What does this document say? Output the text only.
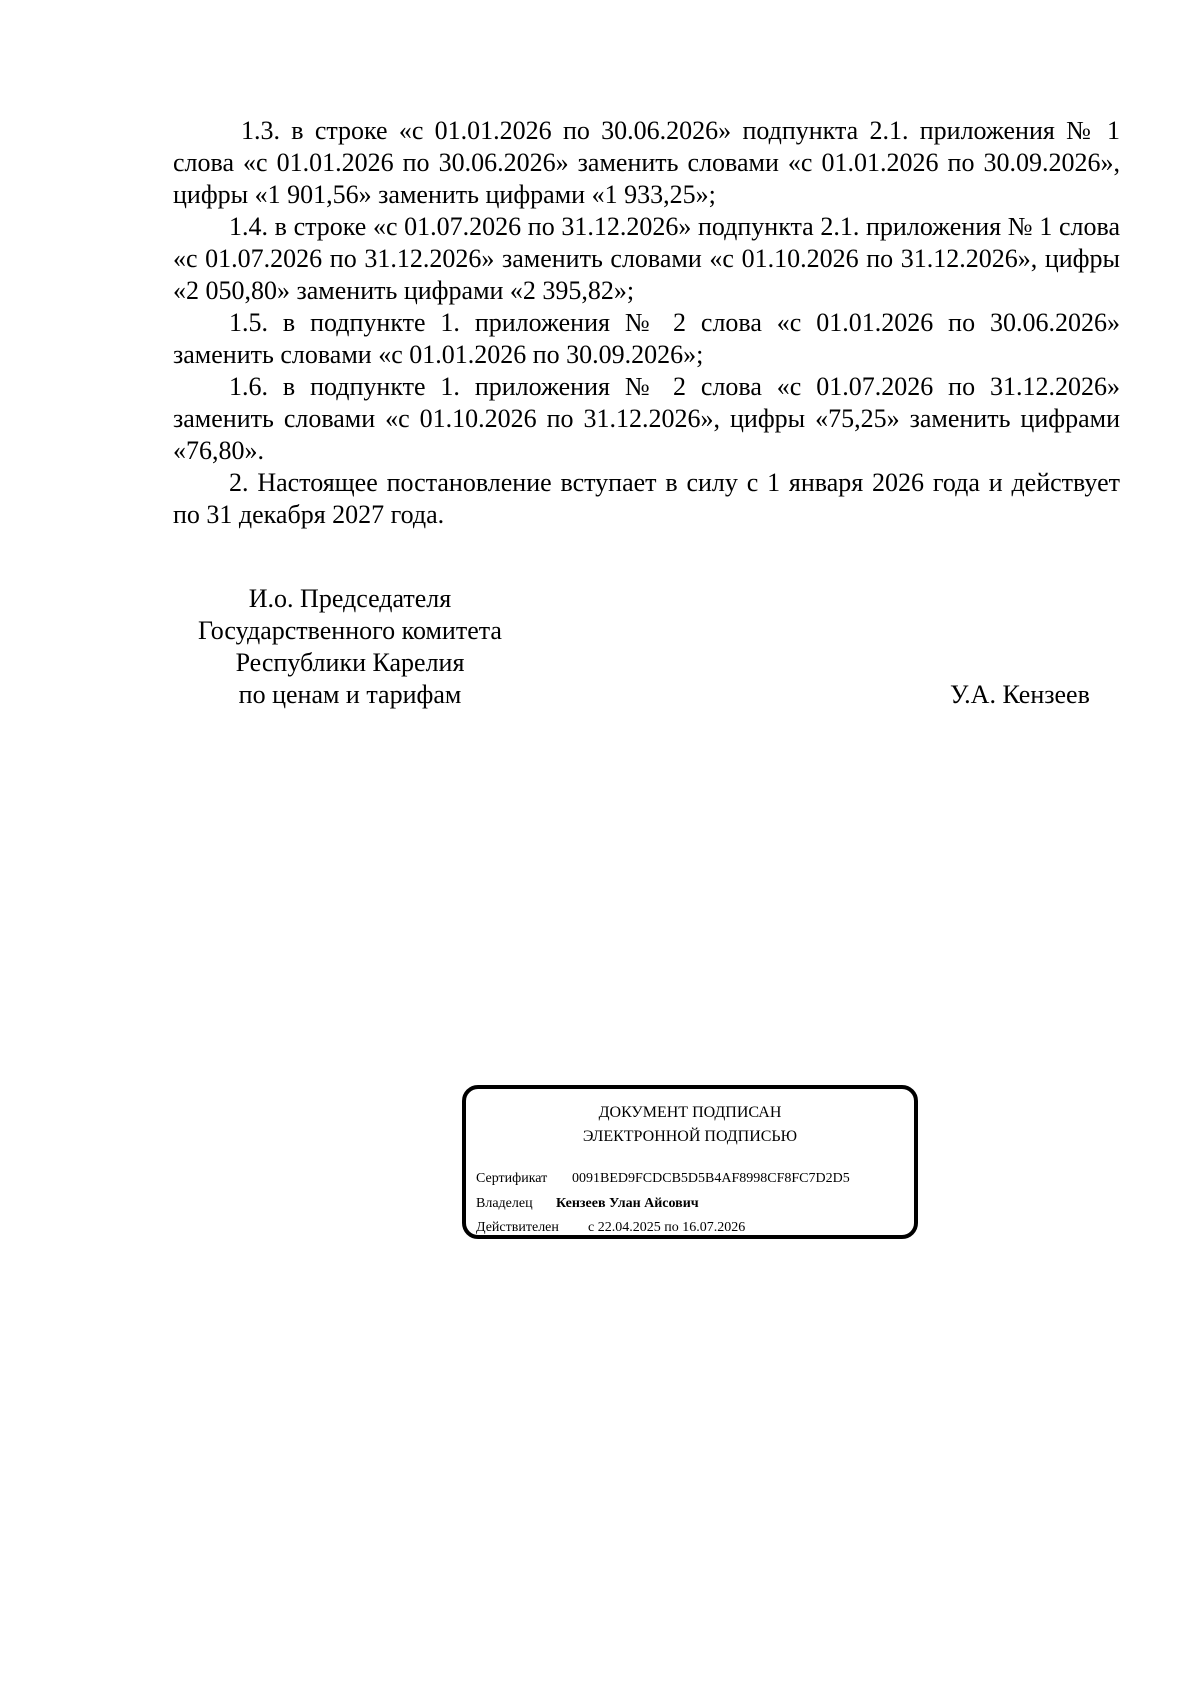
1.3. в строке «с 01.01.2026 по 30.06.2026» подпункта 2.1. приложения № 1 слова «с 01.01.2026 по 30.06.2026» заменить словами «с 01.01.2026 по 30.09.2026», цифры «1 901,56» заменить цифрами «1 933,25»;

1.4. в строке «с 01.07.2026 по 31.12.2026» подпункта 2.1. приложения № 1 слова «с 01.07.2026 по 31.12.2026» заменить словами «с 01.10.2026 по 31.12.2026», цифры «2 050,80» заменить цифрами «2 395,82»;

1.5. в подпункте 1. приложения № 2 слова «с 01.01.2026 по 30.06.2026» заменить словами «с 01.01.2026 по 30.09.2026»;

1.6. в подпункте 1. приложения № 2 слова «с 01.07.2026 по 31.12.2026» заменить словами «с 01.10.2026 по 31.12.2026», цифры «75,25» заменить цифрами «76,80».

2. Настоящее постановление вступает в силу с 1 января 2026 года и действует по 31 декабря 2027 года.

И.о. Председателя
Государственного комитета
Республики Карелия
по ценам и тарифам	У.А. Кензеев
ДОКУМЕНТ ПОДПИСАН
ЭЛЕКТРОННОЙ ПОДПИСЬЮ
Сертификат 0091BED9FCDCB5D5B4AF8998CF8FC7D2D5
Владелец Кензеев Улан Айсович
Действителен с 22.04.2025 по 16.07.2026
